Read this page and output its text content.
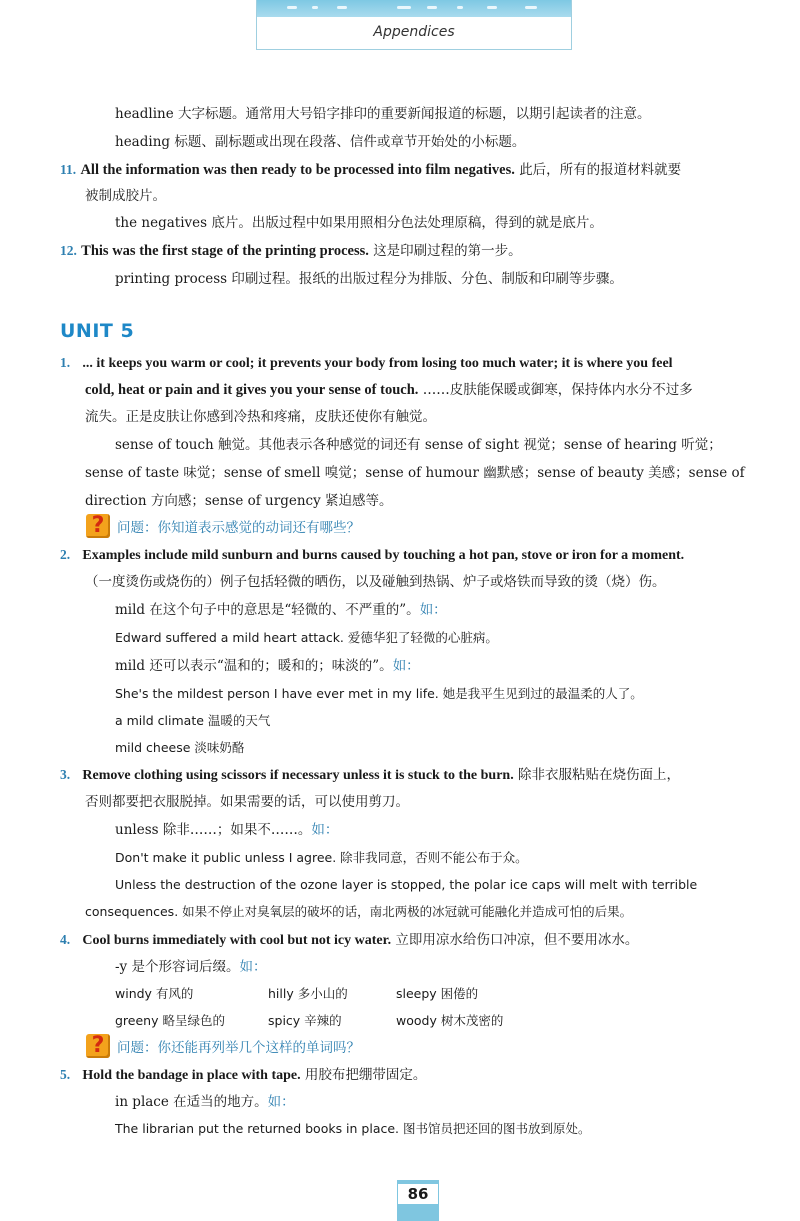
Appendices
headline 大字标题。通常用大号铅字排印的重要新闻报道的标题，以期引起读者的注意。
heading 标题、副标题或出现在段落、信件或章节开始处的小标题。
11. All the information was then ready to be processed into film negatives. 此后，所有的报道材料就要
被制成胶片。
the negatives 底片。出版过程中如果用照相分色法处理原稿，得到的就是底片。
12. This was the first stage of the printing process. 这是印刷过程的第一步。
printing process 印刷过程。报纸的出版过程分为排版、分色、制版和印刷等步骤。
UNIT 5
1. ... it keeps you warm or cool; it prevents your body from losing too much water; it is where you feel
cold, heat or pain and it gives you your sense of touch. ……皮肤能保暖或御寒，保持体内水分不过多
流失。正是皮肤让你感到冷热和疼痛，皮肤还使你有触觉。
sense of touch 触觉。其他表示各种感觉的词还有 sense of sight 视觉；sense of hearing 听觉；
sense of taste 味觉；sense of smell 嗅觉；sense of humour 幽默感；sense of beauty 美感；sense of
direction 方向感；sense of urgency 紧迫感等。
? 问题：你知道表示感觉的动词还有哪些？
2. Examples include mild sunburn and burns caused by touching a hot pan, stove or iron for a moment.
（一度烫伤或烧伤的）例子包括轻微的晒伤，以及碰触到热锅、炉子或烙铁而导致的烫（烧）伤。
mild 在这个句子中的意思是“轻微的、不严重的”。如：
Edward suffered a mild heart attack. 爱德华犯了轻微的心脏病。
mild 还可以表示“温和的；暖和的；味淡的”。如：
She's the mildest person I have ever met in my life. 她是我平生见到过的最温柔的人了。
a mild climate 温暖的天气
mild cheese 淡味奶酪
3. Remove clothing using scissors if necessary unless it is stuck to the burn. 除非衣服粘贴在烧伤面上，
否则都要把衣服脱掉。如果需要的话，可以使用剪刀。
unless 除非……；如果不……。如：
Don't make it public unless I agree. 除非我同意，否则不能公布于众。
Unless the destruction of the ozone layer is stopped, the polar ice caps will melt with terrible
consequences. 如果不停止对臭氧层的破坏的话，南北两极的冰冠就可能融化并造成可怕的后果。
4. Cool burns immediately with cool but not icy water. 立即用凉水给伤口冲凉，但不要用冰水。
-y 是个形容词后缀。如：
windy 有风的	hilly 多小山的	sleepy 困倦的
greeny 略呈绿色的	spicy 辛辣的	woody 树木茂密的
? 问题：你还能再列举几个这样的单词吗？
5. Hold the bandage in place with tape. 用胶布把绷带固定。
in place 在适当的地方。如：
The librarian put the returned books in place. 图书馆员把还回的图书放到原处。
86
